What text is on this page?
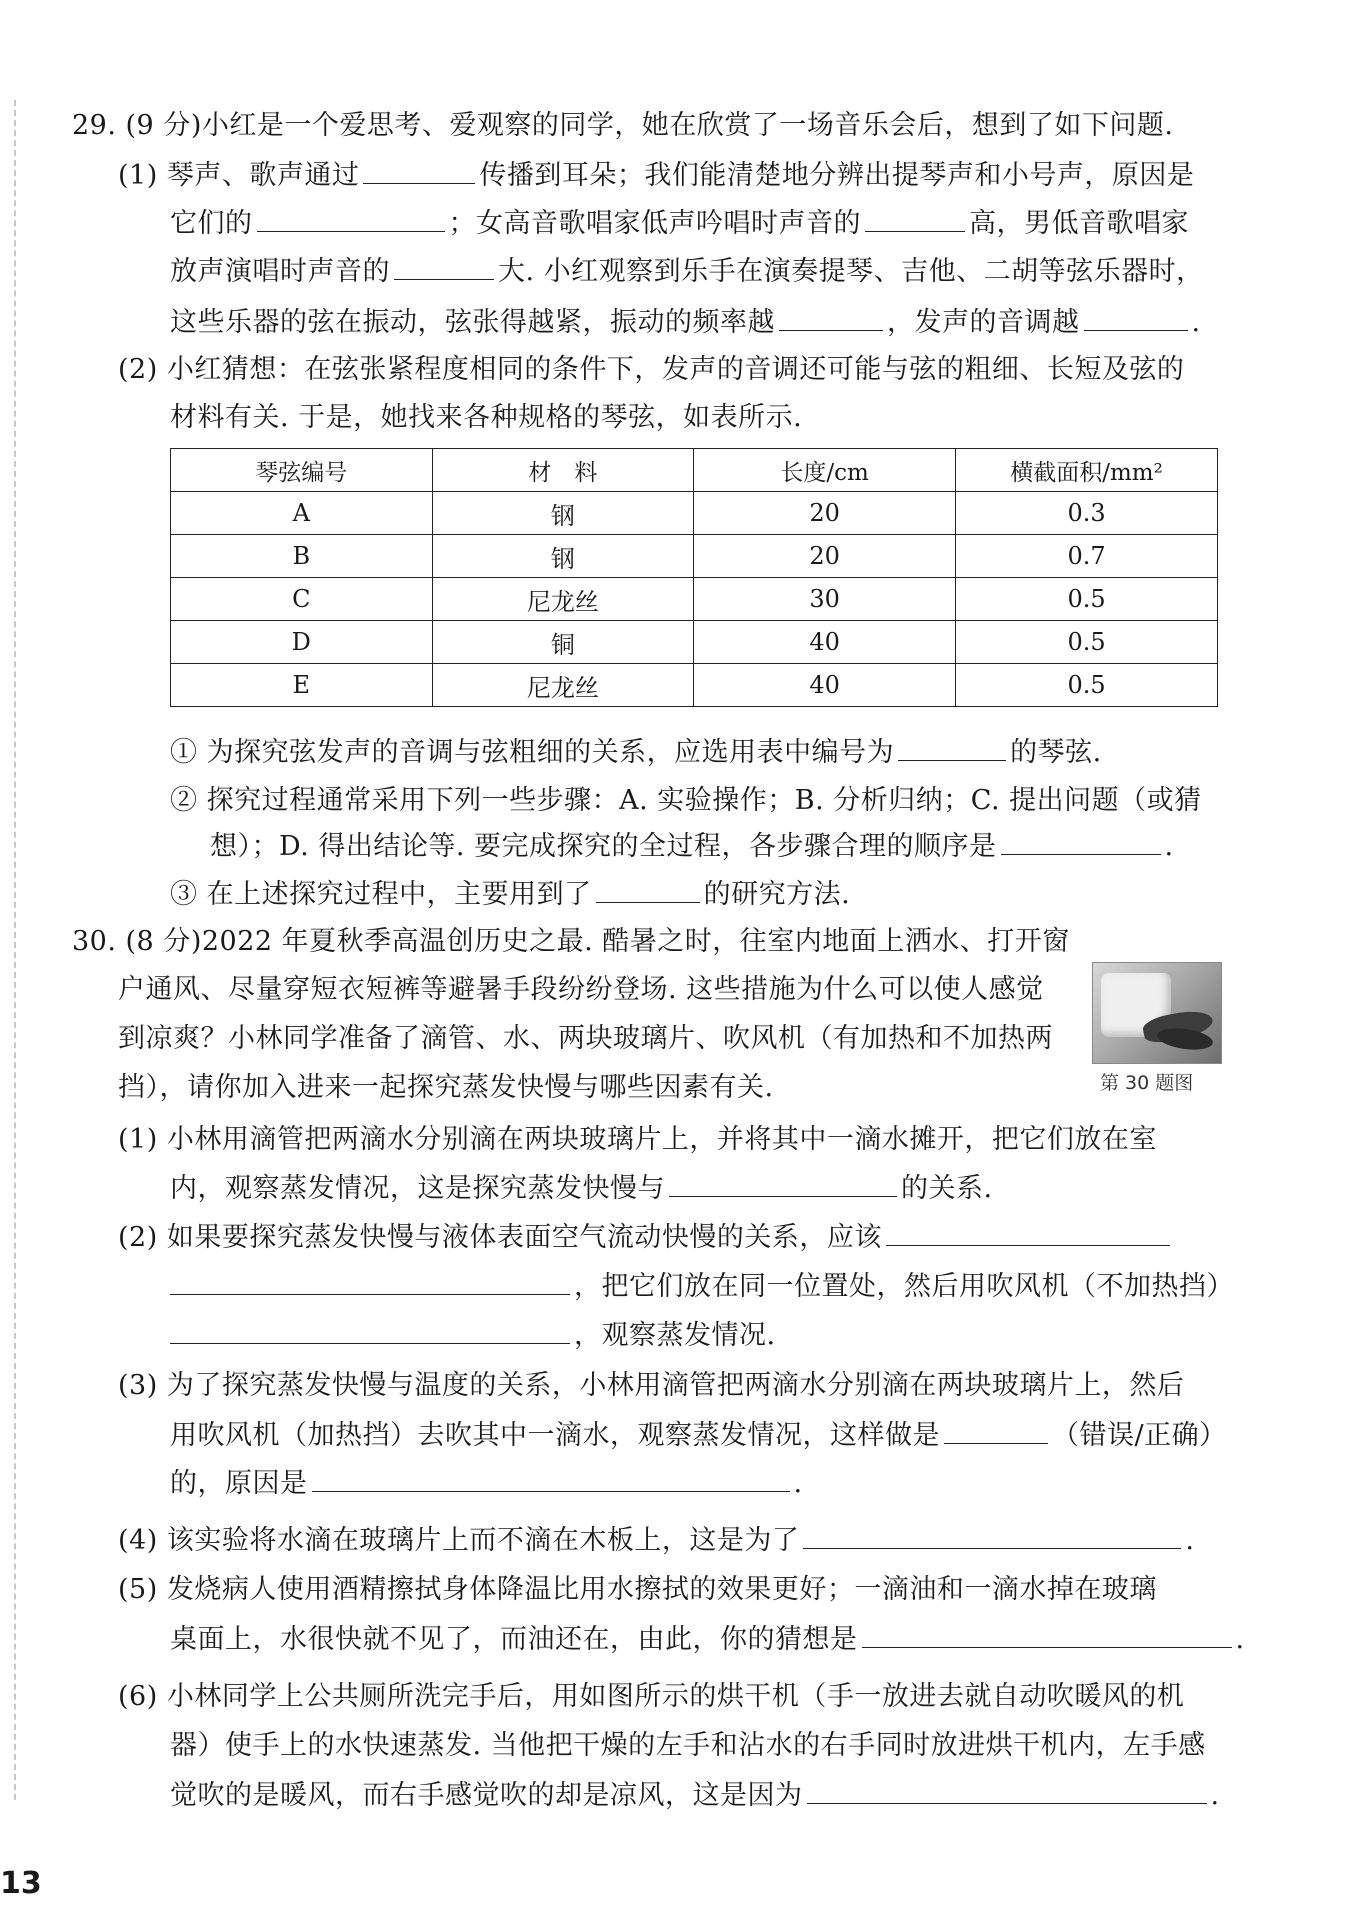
29. (9 分)小红是一个爱思考、爱观察的同学，她在欣赏了一场音乐会后，想到了如下问题.
(1) 琴声、歌声通过	传播到耳朵；我们能清楚地分辨出提琴声和小号声，原因是
它们的	；女高音歌唱家低声吟唱时声音的	高，男低音歌唱家
放声演唱时声音的	大. 小红观察到乐手在演奏提琴、吉他、二胡等弦乐器时，
这些乐器的弦在振动，弦张得越紧，振动的频率越	，发声的音调越	.
(2) 小红猜想：在弦张紧程度相同的条件下，发声的音调还可能与弦的粗细、长短及弦的
材料有关. 于是，她找来各种规格的琴弦，如表所示.
琴弦编号	材　料	长度/cm	横截面积/mm²
A	钢	20	0.3
B	钢	20	0.7
C	尼龙丝	30	0.5
D	铜	40	0.5
E	尼龙丝	40	0.5
① 为探究弦发声的音调与弦粗细的关系，应选用表中编号为	的琴弦.
② 探究过程通常采用下列一些步骤：A. 实验操作；B. 分析归纳；C. 提出问题（或猜
想）；D. 得出结论等. 要完成探究的全过程，各步骤合理的顺序是	.
③ 在上述探究过程中，主要用到了	的研究方法.
30. (8 分)2022 年夏秋季高温创历史之最. 酷暑之时，往室内地面上洒水、打开窗
户通风、尽量穿短衣短裤等避暑手段纷纷登场. 这些措施为什么可以使人感觉
到凉爽？小林同学准备了滴管、水、两块玻璃片、吹风机（有加热和不加热两
挡），请你加入进来一起探究蒸发快慢与哪些因素有关.	第 30 题图
(1) 小林用滴管把两滴水分别滴在两块玻璃片上，并将其中一滴水摊开，把它们放在室
内，观察蒸发情况，这是探究蒸发快慢与	的关系.
(2) 如果要探究蒸发快慢与液体表面空气流动快慢的关系，应该
，把它们放在同一位置处，然后用吹风机（不加热挡）
，观察蒸发情况.
(3) 为了探究蒸发快慢与温度的关系，小林用滴管把两滴水分别滴在两块玻璃片上，然后
用吹风机（加热挡）去吹其中一滴水，观察蒸发情况，这样做是	（错误/正确）
的，原因是	.
(4) 该实验将水滴在玻璃片上而不滴在木板上，这是为了	.
(5) 发烧病人使用酒精擦拭身体降温比用水擦拭的效果更好；一滴油和一滴水掉在玻璃
桌面上，水很快就不见了，而油还在，由此，你的猜想是	.
(6) 小林同学上公共厕所洗完手后，用如图所示的烘干机（手一放进去就自动吹暖风的机
器）使手上的水快速蒸发. 当他把干燥的左手和沾水的右手同时放进烘干机内，左手感
觉吹的是暖风，而右手感觉吹的却是凉风，这是因为	.
13
